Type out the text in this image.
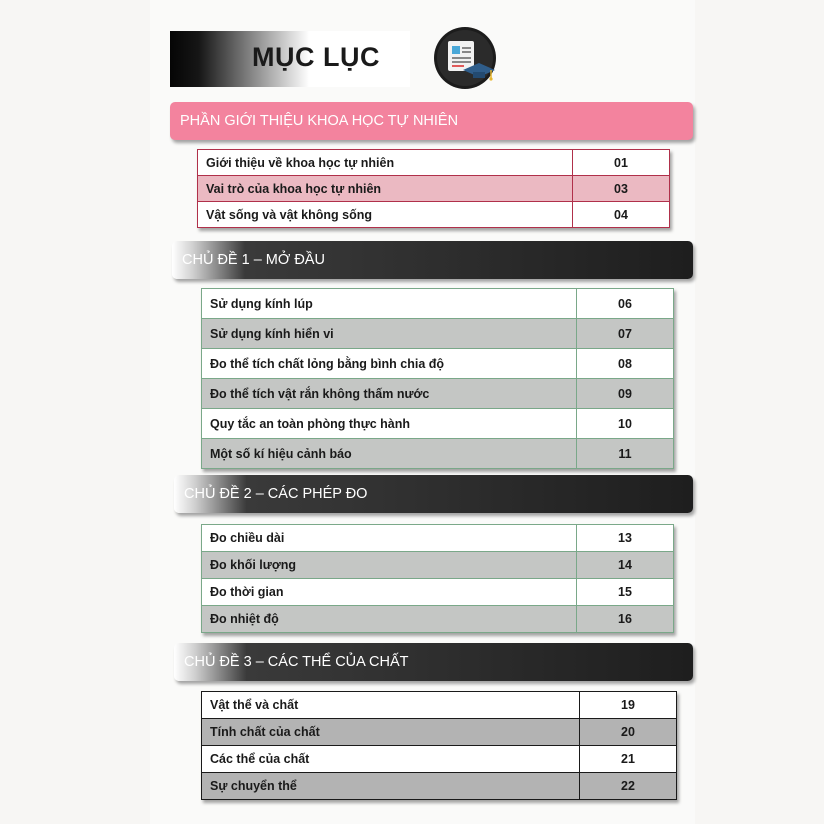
MỤC LỤC
PHẦN GIỚI THIỆU KHOA HỌC TỰ NHIÊN
Giới thiệu về khoa học tự nhiên	01
Vai trò của khoa học tự nhiên	03
Vật sống và vật không sống	04
CHỦ ĐỀ 1 – MỞ ĐẦU
Sử dụng kính lúp	06
Sử dụng kính hiển vi	07
Đo thể tích chất lỏng bằng bình chia độ	08
Đo thể tích vật rắn không thấm nước	09
Quy tắc an toàn phòng thực hành	10
Một số kí hiệu cảnh báo	11
CHỦ ĐỀ 2 – CÁC PHÉP ĐO
Đo chiều dài	13
Đo khối lượng	14
Đo thời gian	15
Đo nhiệt độ	16
CHỦ ĐỀ 3 – CÁC THỂ CỦA CHẤT
Vật thể và chất	19
Tính chất của chất	20
Các thể của chất	21
Sự chuyển thể	22
